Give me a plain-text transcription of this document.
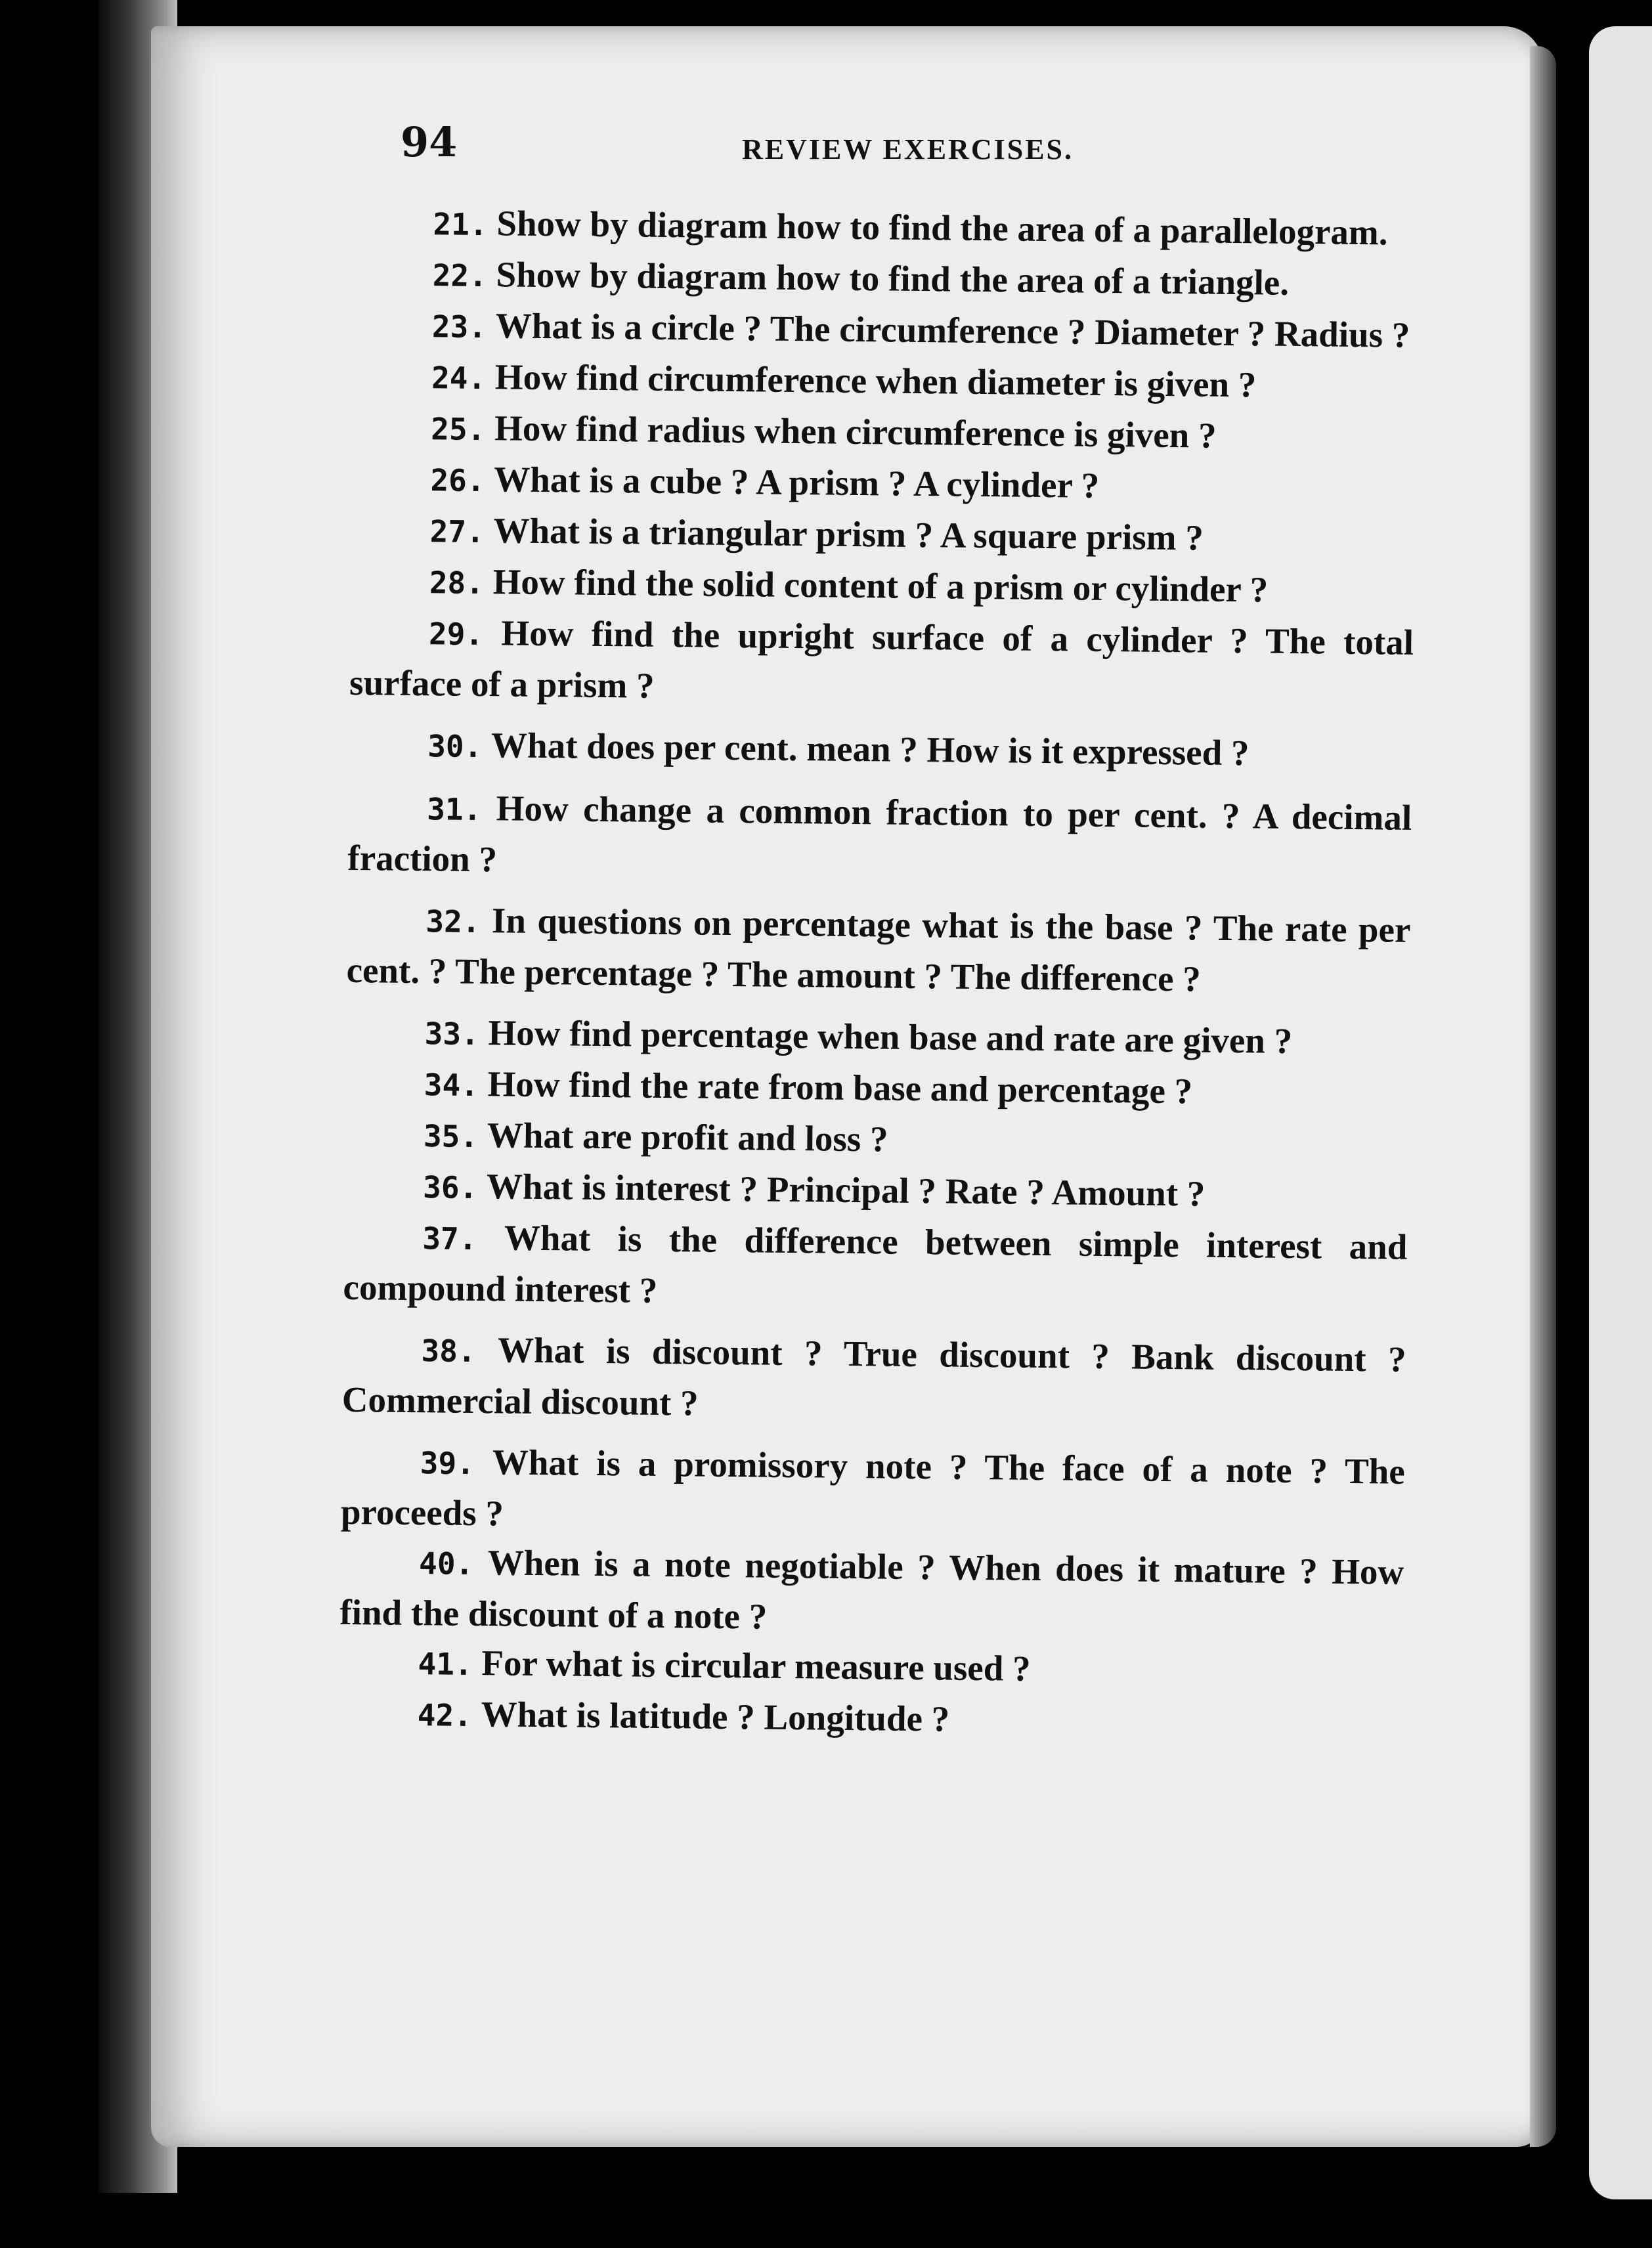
94	REVIEW EXERCISES.

21. Show by diagram how to find the area of a parallelogram.

22. Show by diagram how to find the area of a triangle.

23. What is a circle ? The circumference ? Diameter ? Radius ?

24. How find circumference when diameter is given ?

25. How find radius when circumference is given ?

26. What is a cube ? A prism ? A cylinder ?

27. What is a triangular prism ? A square prism ?

28. How find the solid content of a prism or cylinder ?

29. How find the upright surface of a cylinder ? The total surface of a prism ?

30. What does per cent. mean ? How is it expressed ?

31. How change a common fraction to per cent. ? A decimal fraction ?

32. In questions on percentage what is the base ? The rate per cent. ? The percentage ? The amount ? The difference ?

33. How find percentage when base and rate are given ?

34. How find the rate from base and percentage ?

35. What are profit and loss ?

36. What is interest ? Principal ? Rate ? Amount ?

37. What is the difference between simple interest and compound interest ?

38. What is discount ? True discount ? Bank discount ? Commercial discount ?

39. What is a promissory note ? The face of a note ? The proceeds ?

40. When is a note negotiable ? When does it mature ? How find the discount of a note ?

41. For what is circular measure used ?

42. What is latitude ? Longitude ?
